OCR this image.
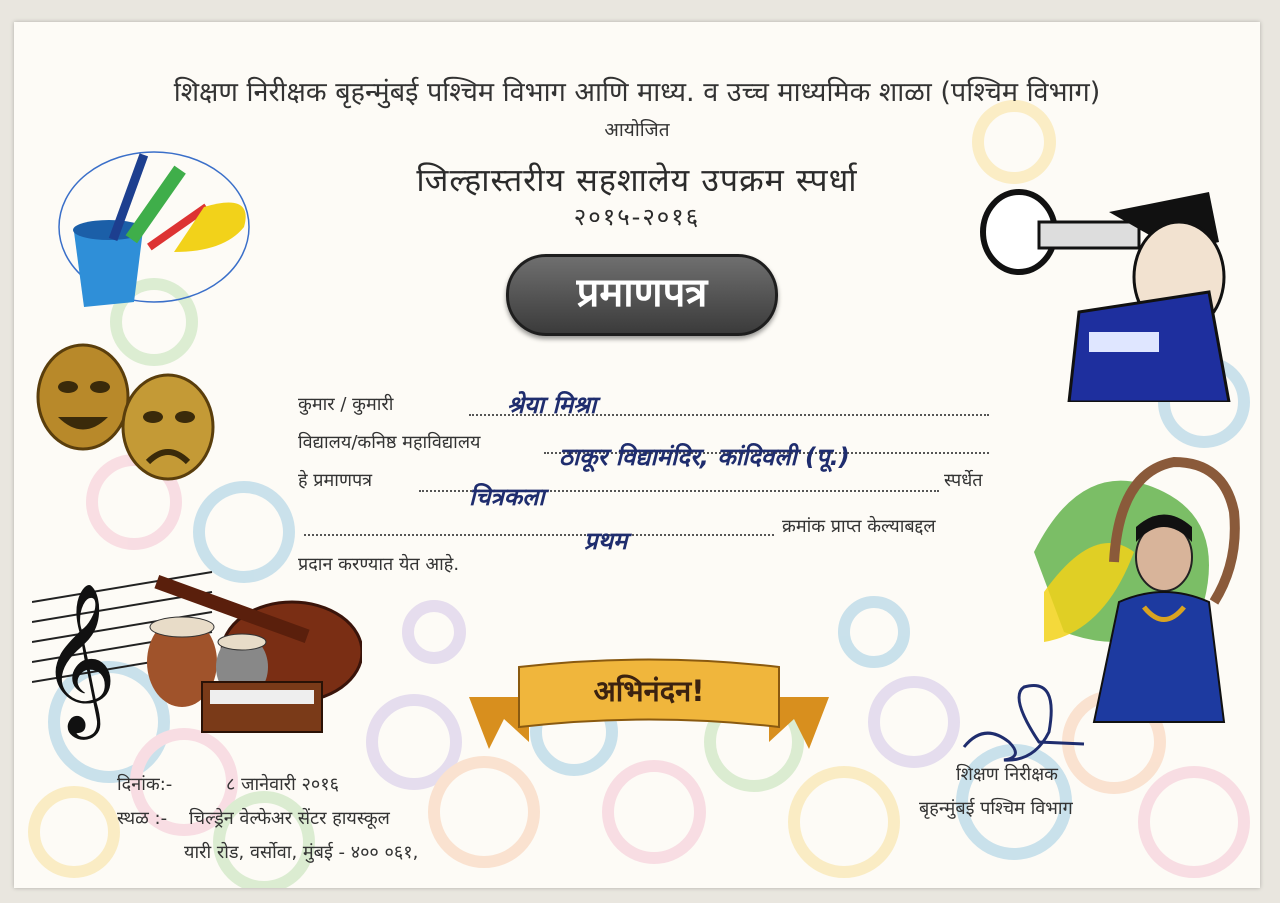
शिक्षण निरीक्षक बृहन्मुंबई पश्चिम विभाग आणि माध्य. व उच्च माध्यमिक शाळा (पश्चिम विभाग)
आयोजित
जिल्हास्तरीय सहशालेय उपक्रम स्पर्धा
२०१५-२०१६
प्रमाणपत्र
𝄞
कुमार / कुमारी	श्रेया मिश्रा
विद्यालय/कनिष्ठ महाविद्यालय
ठाकूर विद्यामंदिर, कांदिवली (पू.)
हे प्रमाणपत्र
चित्रकला
स्पर्धेत
क्रमांक प्राप्त केल्याबद्दल
प्रथम
प्रदान करण्यात येत आहे.
अभिनंदन!
दिनांक:-	८ जानेवारी २०१६
स्थळ :- चिल्ड्रेन वेल्फेअर सेंटर हायस्कूल
यारी रोड, वर्सोवा, मुंबई - ४०० ०६१,
शिक्षण निरीक्षक
बृहन्मुंबई पश्चिम विभाग
